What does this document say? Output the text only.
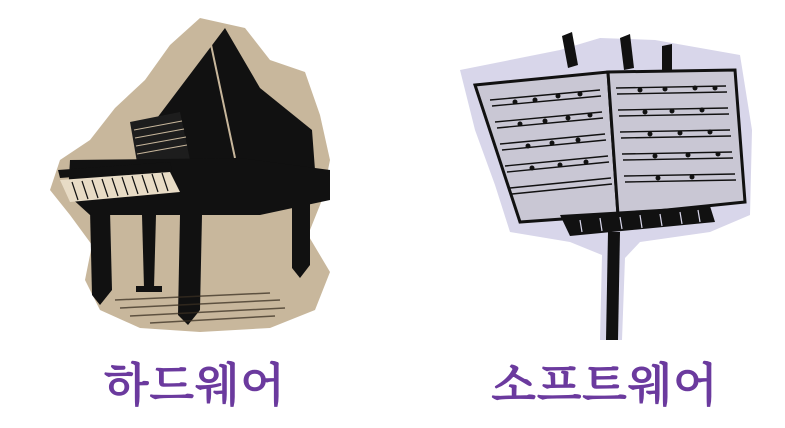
하드웨어	소프트웨어
